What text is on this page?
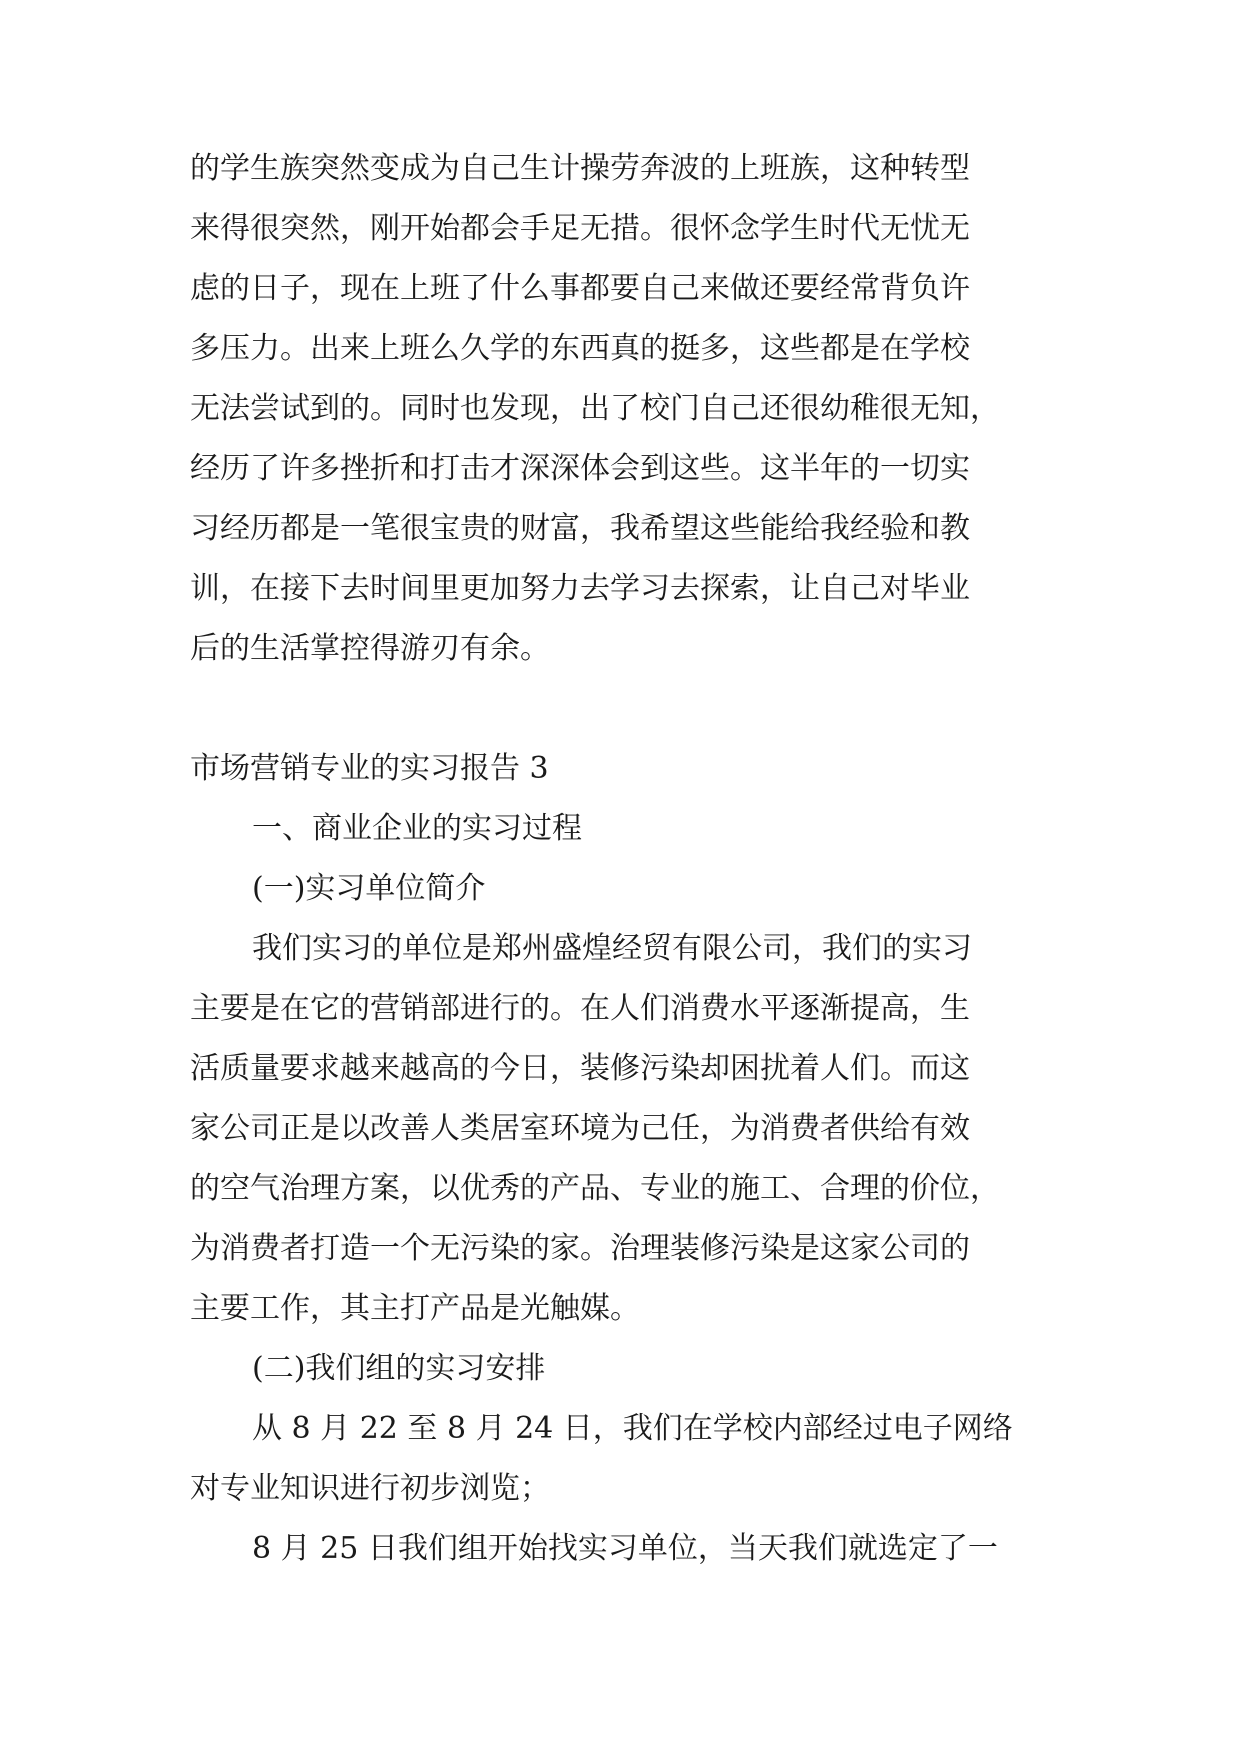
的学生族突然变成为自己生计操劳奔波的上班族，这种转型
来得很突然，刚开始都会手足无措。很怀念学生时代无忧无
虑的日子，现在上班了什么事都要自己来做还要经常背负许
多压力。出来上班么久学的东西真的挺多，这些都是在学校
无法尝试到的。同时也发现，出了校门自己还很幼稚很无知，
经历了许多挫折和打击才深深体会到这些。这半年的一切实
习经历都是一笔很宝贵的财富，我希望这些能给我经验和教
训，在接下去时间里更加努力去学习去探索，让自己对毕业
后的生活掌控得游刃有余。
市场营销专业的实习报告 3
一、商业企业的实习过程
(一)实习单位简介
我们实习的单位是郑州盛煌经贸有限公司，我们的实习
主要是在它的营销部进行的。在人们消费水平逐渐提高，生
活质量要求越来越高的今日，装修污染却困扰着人们。而这
家公司正是以改善人类居室环境为己任，为消费者供给有效
的空气治理方案，以优秀的产品、专业的施工、合理的价位，
为消费者打造一个无污染的家。治理装修污染是这家公司的
主要工作，其主打产品是光触媒。
(二)我们组的实习安排
从 8 月 22 至 8 月 24 日，我们在学校内部经过电子网络
对专业知识进行初步浏览；
8 月 25 日我们组开始找实习单位，当天我们就选定了一
